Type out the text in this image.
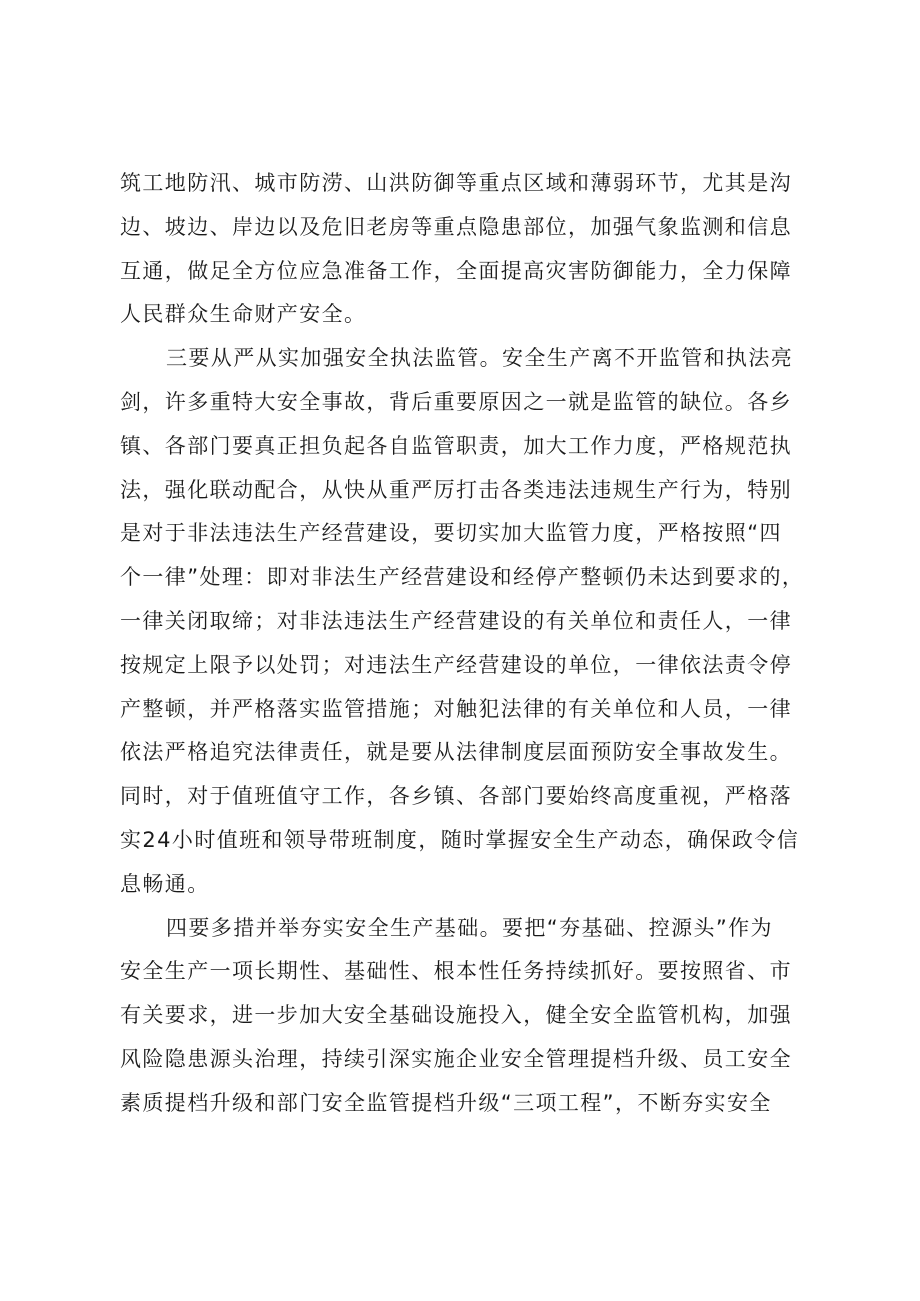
筑工地防汛、城市防涝、山洪防御等重点区域和薄弱环节，尤其是沟
边、坡边、岸边以及危旧老房等重点隐患部位，加强气象监测和信息
互通，做足全方位应急准备工作，全面提高灾害防御能力，全力保障
人民群众生命财产安全。
三要从严从实加强安全执法监管。安全生产离不开监管和执法亮
剑，许多重特大安全事故，背后重要原因之一就是监管的缺位。各乡
镇、各部门要真正担负起各自监管职责，加大工作力度，严格规范执
法，强化联动配合，从快从重严厉打击各类违法违规生产行为，特别
是对于非法违法生产经营建设，要切实加大监管力度，严格按照“四
个一律”处理：即对非法生产经营建设和经停产整顿仍未达到要求的，
一律关闭取缔；对非法违法生产经营建设的有关单位和责任人，一律
按规定上限予以处罚；对违法生产经营建设的单位，一律依法责令停
产整顿，并严格落实监管措施；对触犯法律的有关单位和人员，一律
依法严格追究法律责任，就是要从法律制度层面预防安全事故发生。
同时，对于值班值守工作，各乡镇、各部门要始终高度重视，严格落
实24小时值班和领导带班制度，随时掌握安全生产动态，确保政令信
息畅通。
四要多措并举夯实安全生产基础。要把“夯基础、控源头”作为
安全生产一项长期性、基础性、根本性任务持续抓好。要按照省、市
有关要求，进一步加大安全基础设施投入，健全安全监管机构，加强
风险隐患源头治理，持续引深实施企业安全管理提档升级、员工安全
素质提档升级和部门安全监管提档升级“三项工程”，不断夯实安全
